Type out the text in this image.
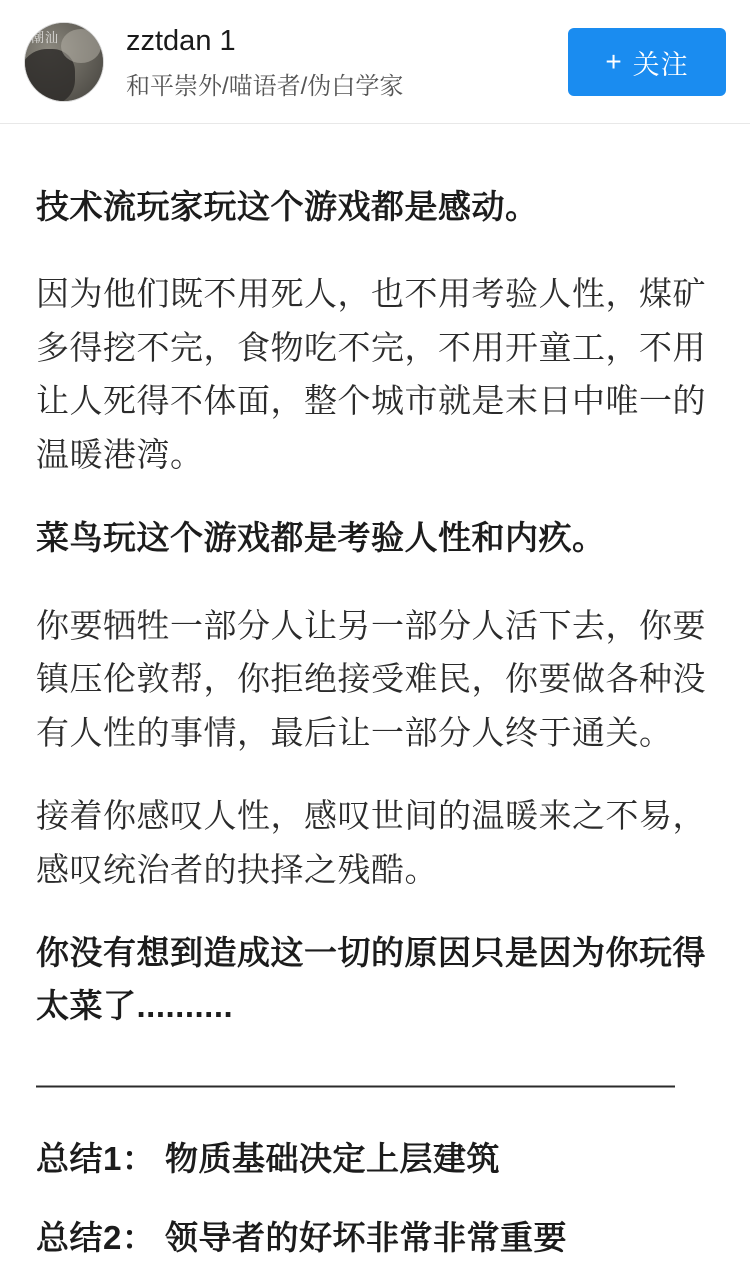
潮汕 zztdan 1
和平崇外/喵语者/伪白学家
+ 关注

技术流玩家玩这个游戏都是感动。

因为他们既不用死人，也不用考验人性，煤矿多得挖不完，食物吃不完，不用开童工，不用让人死得不体面，整个城市就是末日中唯一的温暖港湾。

菜鸟玩这个游戏都是考验人性和内疚。

你要牺牲一部分人让另一部分人活下去，你要镇压伦敦帮，你拒绝接受难民，你要做各种没有人性的事情，最后让一部分人终于通关。

接着你感叹人性，感叹世间的温暖来之不易，感叹统治者的抉择之残酷。

你没有想到造成这一切的原因只是因为你玩得太菜了..........

——————————————————————

总结1： 物质基础决定上层建筑

总结2： 领导者的好坏非常非常重要
